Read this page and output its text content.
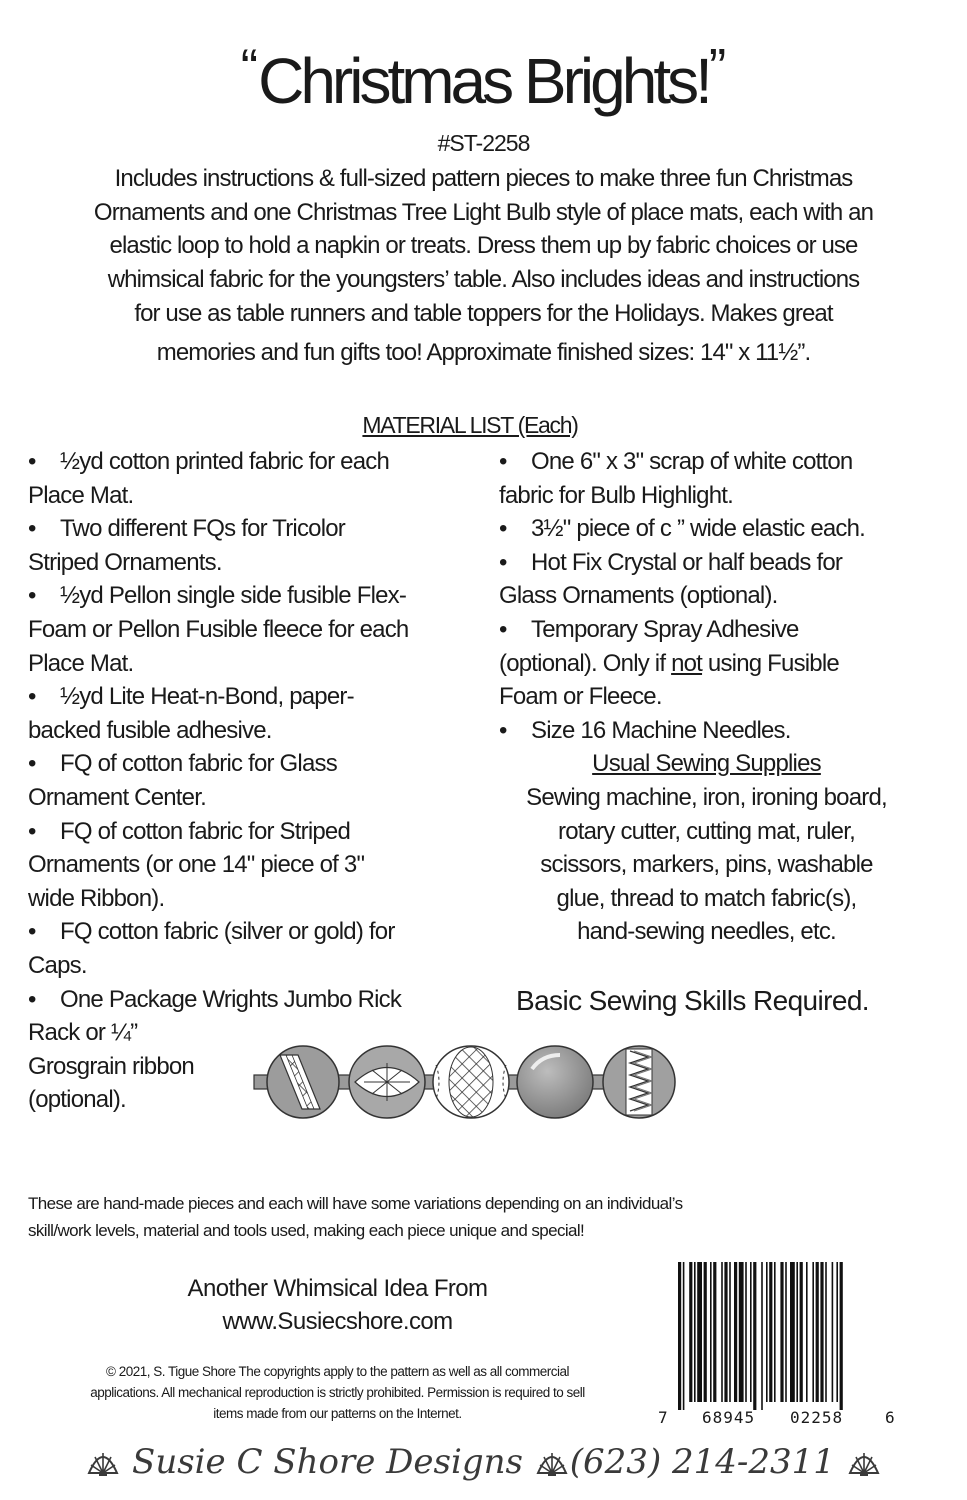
“Christmas Brights!”
#ST-2258
Includes instructions & full-sized pattern pieces to make three fun Christmas
Ornaments and one Christmas Tree Light Bulb style of place mats, each with an
elastic loop to hold a napkin or treats. Dress them up by fabric choices or use
whimsical fabric for the youngsters’ table. Also includes ideas and instructions
for use as table runners and table toppers for the Holidays. Makes great
memories and fun gifts too! Approximate finished sizes: 14" x 11½”.
MATERIAL LIST (Each)
• ½yd cotton printed fabric for each
Place Mat.
• Two different FQs for Tricolor
Striped Ornaments.
• ½yd Pellon single side fusible Flex-
Foam or Pellon Fusible fleece for each
Place Mat.
• ½yd Lite Heat-n-Bond, paper-
backed fusible adhesive.
• FQ of cotton fabric for Glass
Ornament Center.
• FQ of cotton fabric for Striped
Ornaments (or one 14" piece of 3"
wide Ribbon).
• FQ cotton fabric (silver or gold) for
Caps.
• One Package Wrights Jumbo Rick
Rack or ¼”
Grosgrain ribbon
(optional).
• One 6" x 3" scrap of white cotton
fabric for Bulb Highlight.
• 3½" piece of c ” wide elastic each.
• Hot Fix Crystal or half beads for
Glass Ornaments (optional).
• Temporary Spray Adhesive
(optional). Only if not using Fusible
Foam or Fleece.
• Size 16 Machine Needles.
Usual Sewing Supplies
Sewing machine, iron, ironing board,
rotary cutter, cutting mat, ruler,
scissors, markers, pins, washable
glue, thread to match fabric(s),
hand-sewing needles, etc.
Basic Sewing Skills Required.
These are hand-made pieces and each will have some variations depending on an individual’s
skill/work levels, material and tools used, making each piece unique and special!
Another Whimsical Idea From
www.Susiecshore.com
© 2021, S. Tigue Shore The copyrights apply to the pattern as well as all commercial
applications. All mechanical reproduction is strictly prohibited. Permission is required to sell
items made from our patterns on the Internet.	7 68945 02258	6
Susie C Shore Designs (623) 214-2311
